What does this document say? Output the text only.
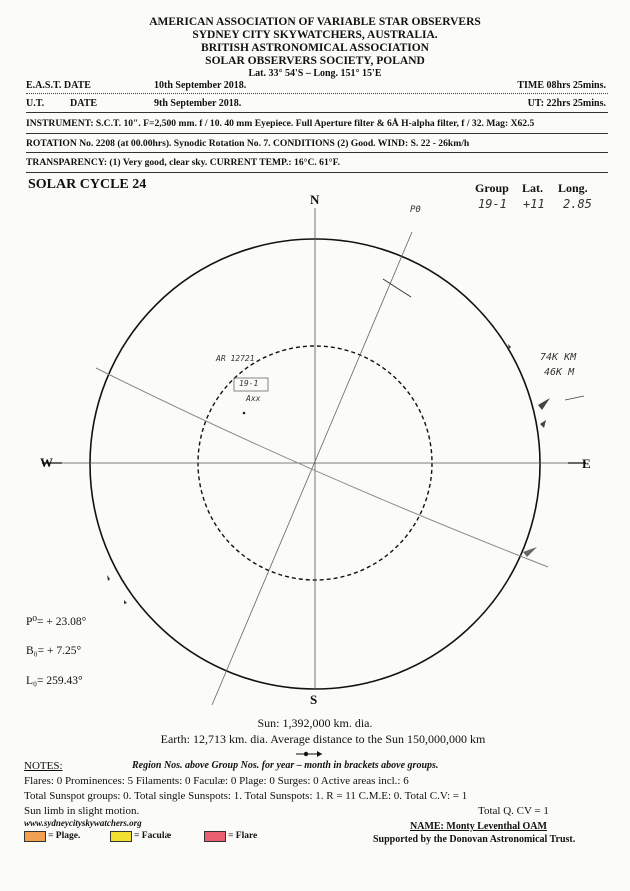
AMERICAN ASSOCIATION OF VARIABLE STAR OBSERVERS
SYDNEY CITY SKYWATCHERS, AUSTRALIA.
BRITISH ASTRONOMICAL ASSOCIATION
SOLAR OBSERVERS SOCIETY, POLAND
Lat. 33° 54'S – Long. 151° 15'E
E.A.S.T. DATE	10th September 2018.	TIME 08hrs 25mins.
U.T.	DATE	9th September 2018.	UT: 22hrs 25mins.
INSTRUMENT: S.C.T. 10". F=2,500 mm. f / 10. 40 mm Eyepiece. Full Aperture filter & 6Å H-alpha filter, f / 32. Mag: X62.5
ROTATION No. 2208 (at 00.00hrs). Synodic Rotation No. 7. CONDITIONS (2) Good. WIND: S. 22 - 26km/h
TRANSPARENCY: (1) Very good, clear sky. CURRENT TEMP.: 16°C. 61°F.
SOLAR CYCLE 24	Group Lat. Long.
19-1 +11 2.85
N
S
W	E
P0
AR 12721
19-1
Axx
74K KM
46K M
P⁰= + 23.08°
B₀= + 7.25°
L₀= 259.43°
Sun: 1,392,000 km. dia.
Earth: 12,713 km. dia. Average distance to the Sun 150,000,000 km
NOTES:	Region Nos. above Group Nos. for year – month in brackets above groups.
Flares: 0 Prominences: 5 Filaments: 0 Faculæ: 0 Plage: 0 Surges: 0 Active areas incl.: 6
Total Sunspot groups: 0. Total single Sunspots: 1. Total Sunspots: 1. R = 11 C.M.E: 0. Total C.V: = 1
Sun limb in slight motion.	Total Q. CV = 1
www.sydneycityskywatchers.org	NAME: Monty Leventhal OAM
Supported by the Donovan Astronomical Trust.
= Plage.	= Faculæ	= Flare
